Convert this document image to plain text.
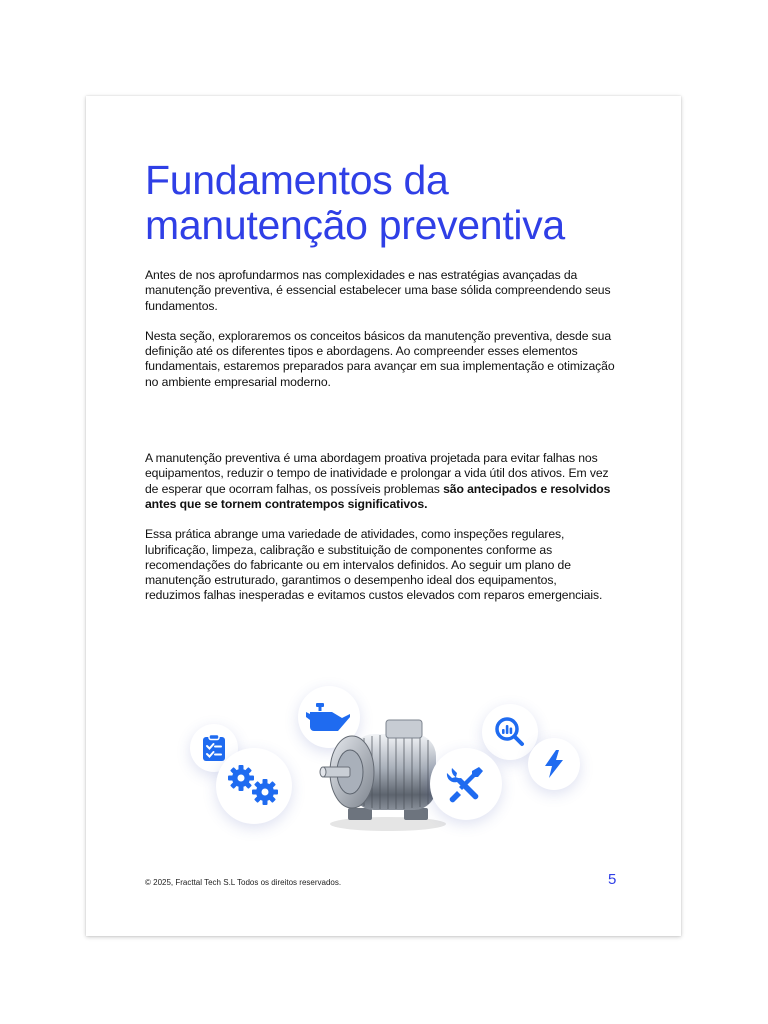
Fundamentos da manutenção preventiva

Antes de nos aprofundarmos nas complexidades e nas estratégias avançadas da manutenção preventiva, é essencial estabelecer uma base sólida compreendendo seus fundamentos.

Nesta seção, exploraremos os conceitos básicos da manutenção preventiva, desde sua definição até os diferentes tipos e abordagens. Ao compreender esses elementos fundamentais, estaremos preparados para avançar em sua implementação e otimização no ambiente empresarial moderno.

A manutenção preventiva é uma abordagem proativa projetada para evitar falhas nos equipamentos, reduzir o tempo de inatividade e prolongar a vida útil dos ativos. Em vez de esperar que ocorram falhas, os possíveis problemas são antecipados e resolvidos antes que se tornem contratempos significativos.

Essa prática abrange uma variedade de atividades, como inspeções regulares, lubrificação, limpeza, calibração e substituição de componentes conforme as recomendações do fabricante ou em intervalos definidos. Ao seguir um plano de manutenção estruturado, garantimos o desempenho ideal dos equipamentos, reduzimos falhas inesperadas e evitamos custos elevados com reparos emergenciais.

© 2025, Fracttal Tech S.L Todos os direitos reservados.	5
